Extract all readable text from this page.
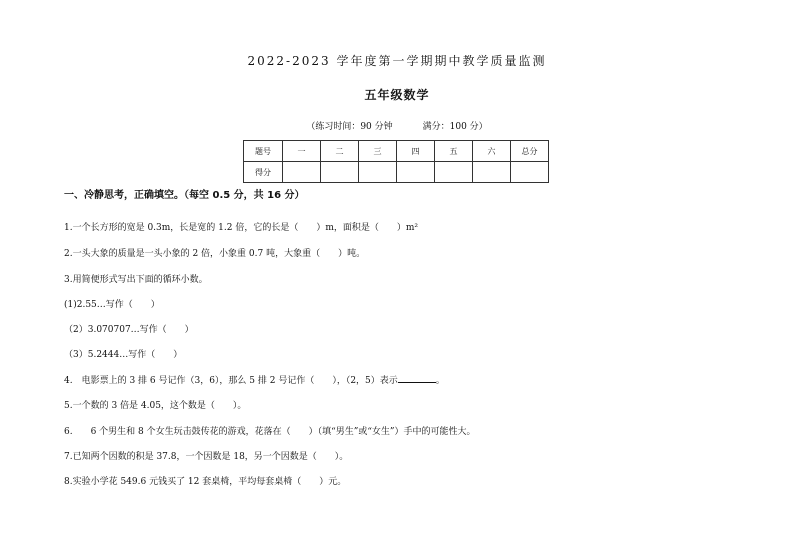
2022-2023 学年度第一学期期中教学质量监测
五年级数学
（练习时间：90 分钟	满分：100 分）
题号	一	二	三	四	五	六	总分
得分							
一、冷静思考，正确填空。（每空 0.5 分，共 16 分）
1.一个长方形的宽是 0.3m，长是宽的 1.2 倍，它的长是（　　）m，面积是（　　）m²
2.一头大象的质量是一头小象的 2 倍，小象重 0.7 吨，大象重（　　）吨。
3.用简便形式写出下面的循环小数。
(1)2.55…写作（　　）
（2）3.070707…写作（　　）
（3）5.2444…写作（　　）
4.　电影票上的 3 排 6 号记作（3，6），那么 5 排 2 号记作（　　），（2，5）表示	。
5.一个数的 3 倍是 4.05，这个数是（　　）。
6.　　6 个男生和 8 个女生玩击鼓传花的游戏，花落在（　　）（填“男生”或“女生”）手中的可能性大。
7.已知两个因数的积是 37.8，一个因数是 18，另一个因数是（　　）。
8.实验小学花 549.6 元钱买了 12 套桌椅，平均每套桌椅（　　）元。
